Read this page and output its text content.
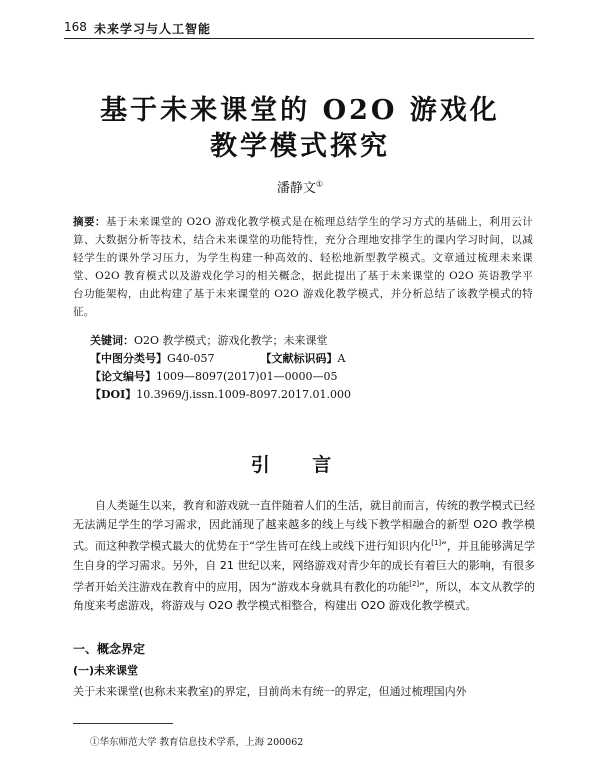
168 未来学习与人工智能
基于未来课堂的 O2O 游戏化
教学模式探究
潘静文①
摘要：基于未来课堂的 O2O 游戏化教学模式是在梳理总结学生的学习方式的基础上，利用云计算、大数据分析等技术，结合未来课堂的功能特性，充分合理地安排学生的课内学习时间，以减轻学生的课外学习压力，为学生构建一种高效的、轻松地新型教学模式。文章通过梳理未来课堂、O2O 教育模式以及游戏化学习的相关概念，据此提出了基于未来课堂的 O2O 英语教学平台功能架构，由此构建了基于未来课堂的 O2O 游戏化教学模式，并分析总结了该教学模式的特征。
关键词：O2O 教学模式；游戏化教学；未来课堂
【中图分类号】G40-057	【文献标识码】A
【论文编号】1009—8097(2017)01—0000—05
【DOI】10.3969/j.issn.1009-8097.2017.01.000
引 言
自人类诞生以来，教育和游戏就一直伴随着人们的生活，就目前而言，传统的教学模式已经无法满足学生的学习需求，因此涌现了越来越多的线上与线下教学相融合的新型 O2O 教学模式。而这种教学模式最大的优势在于“学生皆可在线上或线下进行知识内化[1]”，并且能够满足学生自身的学习需求。另外，自 21 世纪以来，网络游戏对青少年的成长有着巨大的影响，有很多学者开始关注游戏在教育中的应用，因为“游戏本身就具有教化的功能[2]”，所以，本文从教学的角度来考虑游戏，将游戏与 O2O 教学模式相整合，构建出 O2O 游戏化教学模式。
一、概念界定
(一)未来课堂
关于未来课堂(也称未来教室)的界定，目前尚未有统一的界定，但通过梳理国内外
①华东师范大学 教育信息技术学系，上海 200062
